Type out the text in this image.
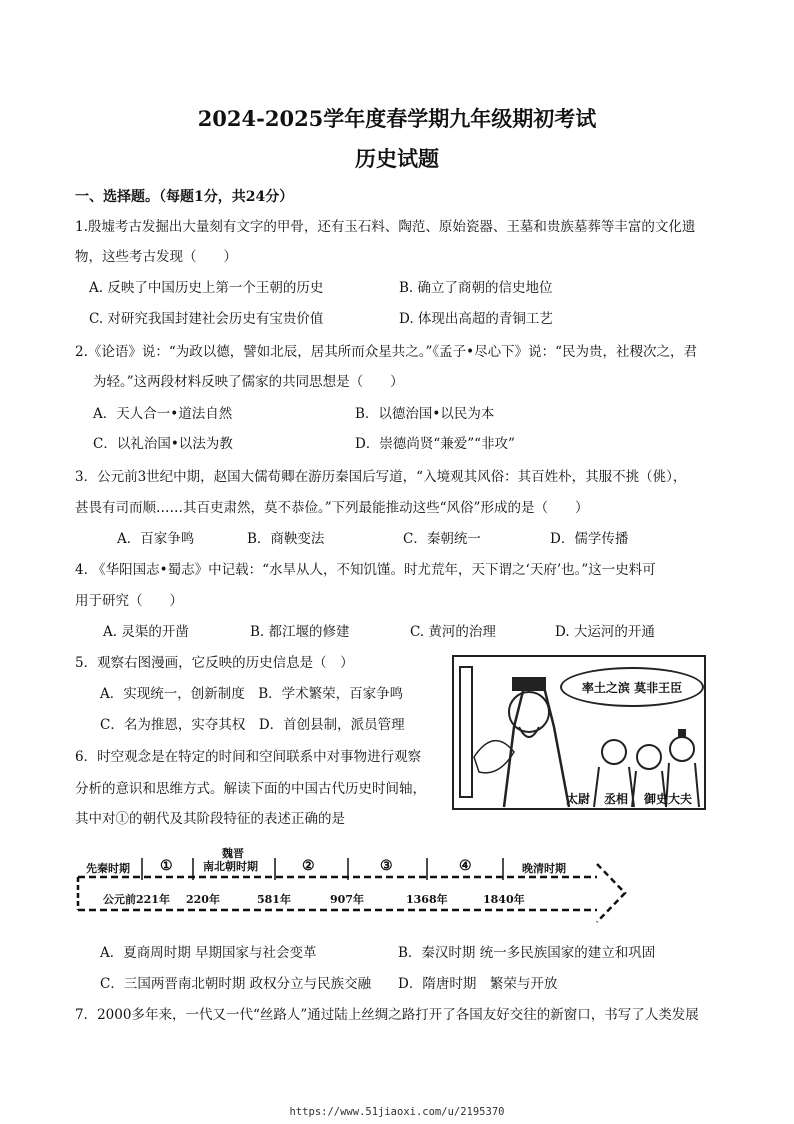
2024-2025学年度春学期九年级期初考试
历史试题
一、选择题。（每题1分，共24分）
1.殷墟考古发掘出大量刻有文字的甲骨，还有玉石料、陶范、原始瓷器、王墓和贵族墓葬等丰富的文化遗
物，这些考古发现（　　）
A. 反映了中国历史上第一个王朝的历史	B. 确立了商朝的信史地位
C. 对研究我国封建社会历史有宝贵价值	D. 体现出高超的青铜工艺
2.《论语》说：“为政以德，譬如北辰，居其所而众星共之。”《孟子•尽心下》说：“民为贵，社稷次之，君
为轻。”这两段材料反映了儒家的共同思想是（　　）
A．天人合一•道法自然	B．以德治国•以民为本
C．以礼治国•以法为教	D．崇德尚贤“兼爱”“非攻”
3．公元前3世纪中期，赵国大儒荀卿在游历秦国后写道，“入境观其风俗：其百姓朴，其服不挑（佻），
甚畏有司而顺……其百吏肃然，莫不恭俭。”下列最能推动这些“风俗”形成的是（　　）
A．百家争鸣	B．商鞅变法	C．秦朝统一	D．儒学传播
4. 《华阳国志•蜀志》中记载：“水旱从人，不知饥馑。时尤荒年，天下谓之‘天府’也。”这一史料可
用于研究（　　）
A. 灵渠的开凿	B. 都江堰的修建	C. 黄河的治理	D. 大运河的开通
5．观察右图漫画，它反映的历史信息是（　）
A．实现统一，创新制度　B．学术繁荣，百家争鸣
C．名为推恩，实夺其权　D．首创县制，派员管理
率土之滨 莫非王臣
太尉 丞相 御史大夫
6．时空观念是在特定的时间和空间联系中对事物进行观察
分析的意识和思维方式。解读下面的中国古代历史时间轴，
其中对①的朝代及其阶段特征的表述正确的是
先秦时期 ①
魏晋
南北朝时期	②	③	④	晚清时期
公元前221年 220年	581年	907年	1368年	1840年
A．夏商周时期 早期国家与社会变革	B．秦汉时期 统一多民族国家的建立和巩固
C．三国两晋南北朝时期 政权分立与民族交融 D．隋唐时期　繁荣与开放
7．2000多年来，一代又一代“丝路人”通过陆上丝绸之路打开了各国友好交往的新窗口，书写了人类发展
https://www.51jiaoxi.com/u/2195370
